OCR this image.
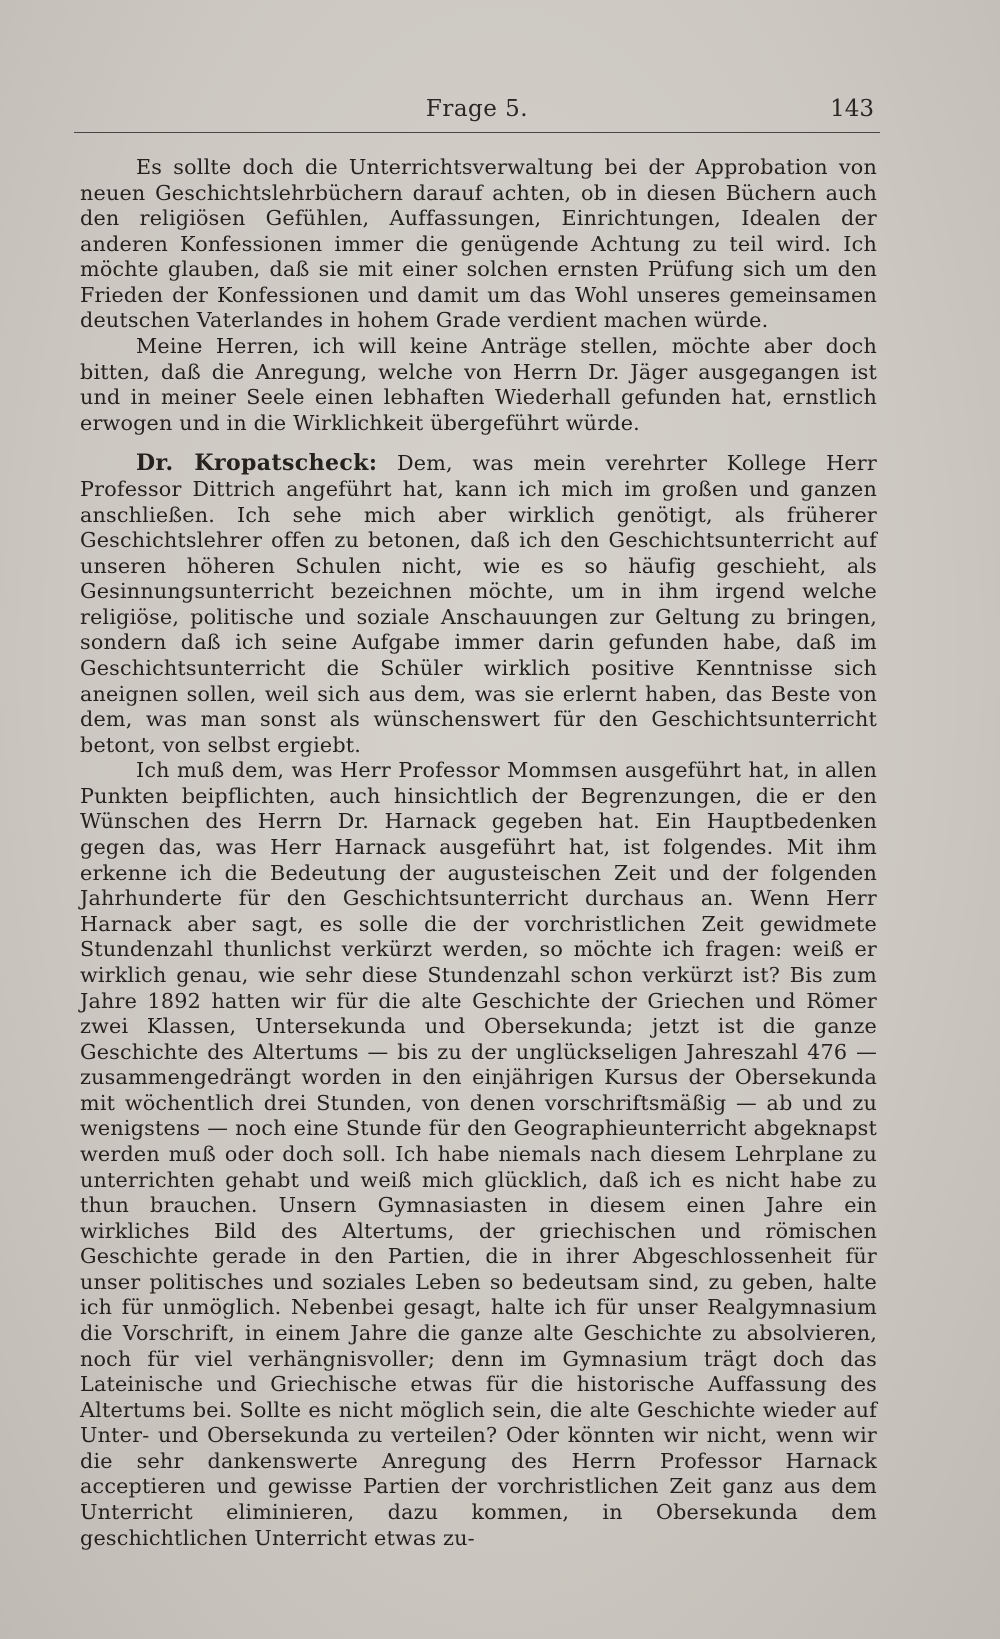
Frage 5.	143

Es sollte doch die Unterrichtsverwaltung bei der Approbation von neuen Geschichtslehrbüchern darauf achten, ob in diesen Büchern auch den religiösen Gefühlen, Auffassungen, Einrichtungen, Idealen der anderen Konfessionen immer die genügende Achtung zu teil wird. Ich möchte glauben, daß sie mit einer solchen ernsten Prüfung sich um den Frieden der Konfessionen und damit um das Wohl unseres gemeinsamen deutschen Vaterlandes in hohem Grade verdient machen würde.

Meine Herren, ich will keine Anträge stellen, möchte aber doch bitten, daß die Anregung, welche von Herrn Dr. Jäger ausgegangen ist und in meiner Seele einen lebhaften Wiederhall gefunden hat, ernstlich erwogen und in die Wirklichkeit übergeführt würde.

Dr. Kropatscheck: Dem, was mein verehrter Kollege Herr Professor Dittrich angeführt hat, kann ich mich im großen und ganzen anschließen. Ich sehe mich aber wirklich genötigt, als früherer Geschichtslehrer offen zu betonen, daß ich den Geschichtsunterricht auf unseren höheren Schulen nicht, wie es so häufig geschieht, als Gesinnungsunterricht bezeichnen möchte, um in ihm irgend welche religiöse, politische und soziale Anschauungen zur Geltung zu bringen, sondern daß ich seine Aufgabe immer darin gefunden habe, daß im Geschichtsunterricht die Schüler wirklich positive Kenntnisse sich aneignen sollen, weil sich aus dem, was sie erlernt haben, das Beste von dem, was man sonst als wünschenswert für den Geschichtsunterricht betont, von selbst ergiebt.

Ich muß dem, was Herr Professor Mommsen ausgeführt hat, in allen Punkten beipflichten, auch hinsichtlich der Begrenzungen, die er den Wünschen des Herrn Dr. Harnack gegeben hat. Ein Hauptbedenken gegen das, was Herr Harnack ausgeführt hat, ist folgendes. Mit ihm erkenne ich die Bedeutung der augusteischen Zeit und der folgenden Jahrhunderte für den Geschichtsunterricht durchaus an. Wenn Herr Harnack aber sagt, es solle die der vorchristlichen Zeit gewidmete Stundenzahl thunlichst verkürzt werden, so möchte ich fragen: weiß er wirklich genau, wie sehr diese Stundenzahl schon verkürzt ist? Bis zum Jahre 1892 hatten wir für die alte Geschichte der Griechen und Römer zwei Klassen, Untersekunda und Obersekunda; jetzt ist die ganze Geschichte des Altertums — bis zu der unglückseligen Jahreszahl 476 — zusammengedrängt worden in den einjährigen Kursus der Obersekunda mit wöchentlich drei Stunden, von denen vorschriftsmäßig — ab und zu wenigstens — noch eine Stunde für den Geographieunterricht abgeknapst werden muß oder doch soll. Ich habe niemals nach diesem Lehrplane zu unterrichten gehabt und weiß mich glücklich, daß ich es nicht habe zu thun brauchen. Unsern Gymnasiasten in diesem einen Jahre ein wirkliches Bild des Altertums, der griechischen und römischen Geschichte gerade in den Partien, die in ihrer Abgeschlossenheit für unser politisches und soziales Leben so bedeutsam sind, zu geben, halte ich für unmöglich. Nebenbei gesagt, halte ich für unser Realgymnasium die Vorschrift, in einem Jahre die ganze alte Geschichte zu absolvieren, noch für viel verhängnisvoller; denn im Gymnasium trägt doch das Lateinische und Griechische etwas für die historische Auffassung des Altertums bei. Sollte es nicht möglich sein, die alte Geschichte wieder auf Unter- und Obersekunda zu verteilen? Oder könnten wir nicht, wenn wir die sehr dankenswerte Anregung des Herrn Professor Harnack acceptieren und gewisse Partien der vorchristlichen Zeit ganz aus dem Unterricht eliminieren, dazu kommen, in Obersekunda dem geschichtlichen Unterricht etwas zu-
